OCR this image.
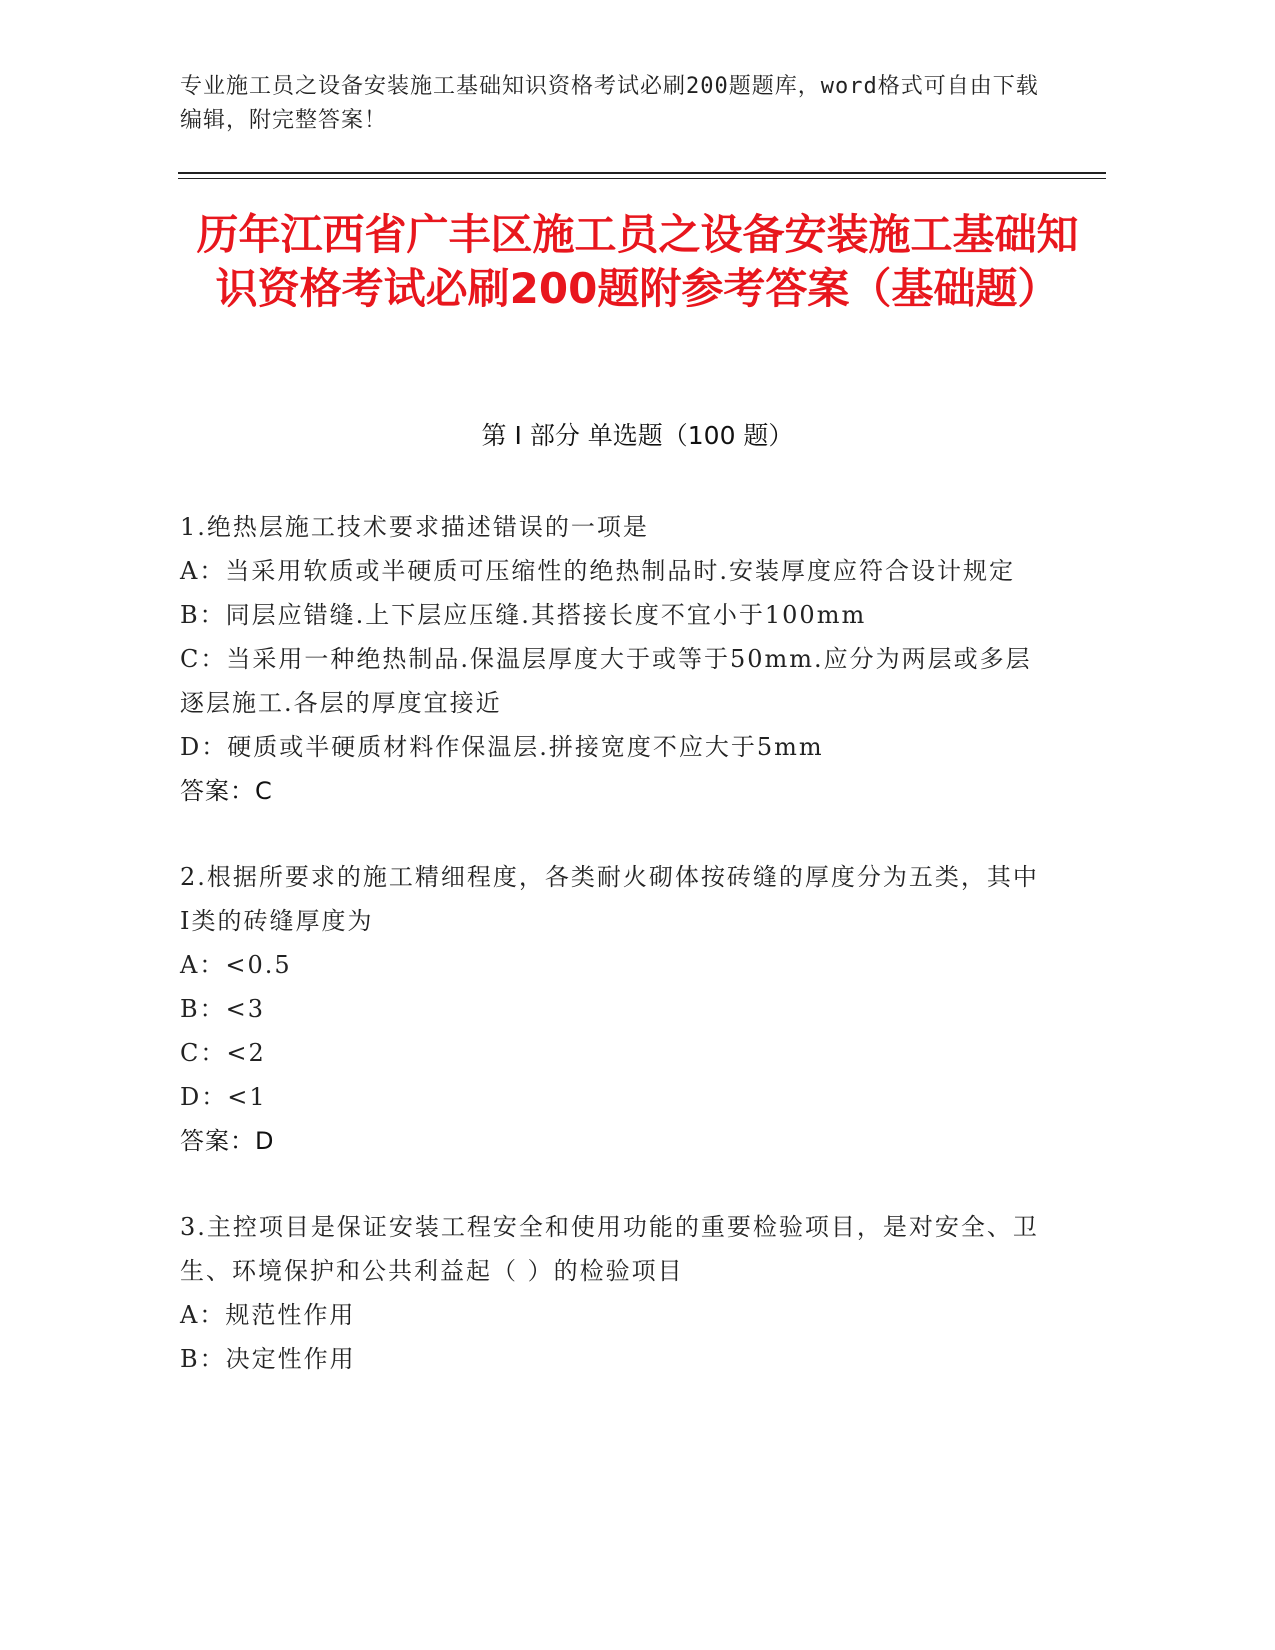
专业施工员之设备安装施工基础知识资格考试必刷200题题库，word格式可自由下载编辑，附完整答案！
历年江西省广丰区施工员之设备安装施工基础知识资格考试必刷200题附参考答案（基础题）
第 I 部分 单选题（100 题）
1.绝热层施工技术要求描述错误的一项是
A：当采用软质或半硬质可压缩性的绝热制品时.安装厚度应符合设计规定
B：同层应错缝.上下层应压缝.其搭接长度不宜小于100mm
C：当采用一种绝热制品.保温层厚度大于或等于50mm.应分为两层或多层逐层施工.各层的厚度宜接近
D：硬质或半硬质材料作保温层.拼接宽度不应大于5mm
答案：C
2.根据所要求的施工精细程度，各类耐火砌体按砖缝的厚度分为五类，其中I类的砖缝厚度为
A：<0.5
B：<3
C：<2
D：<1
答案：D
3.主控项目是保证安装工程安全和使用功能的重要检验项目，是对安全、卫生、环境保护和公共利益起（ ）的检验项目
A：规范性作用
B：决定性作用
